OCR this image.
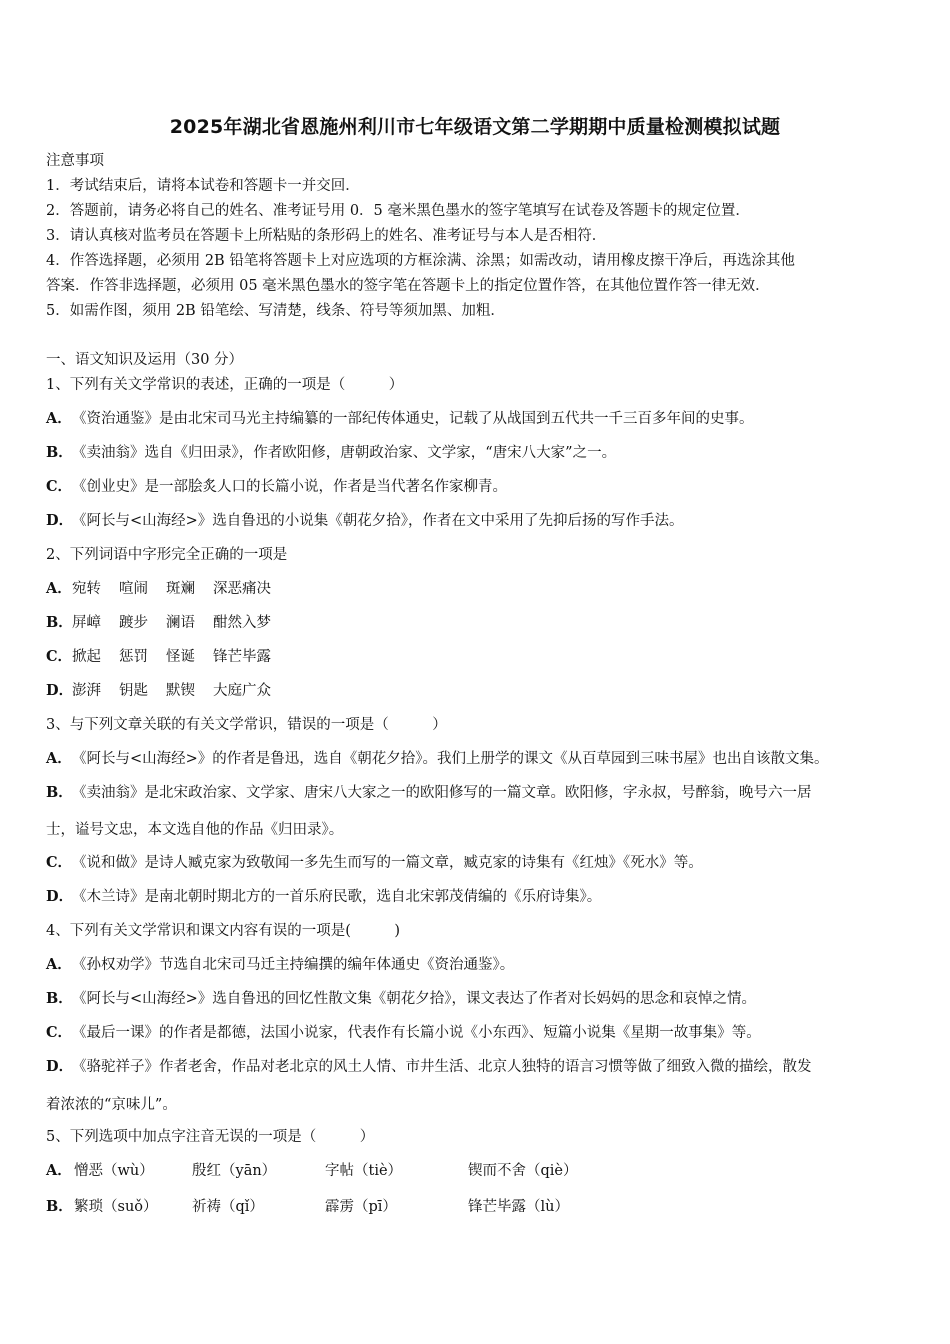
2025年湖北省恩施州利川市七年级语文第二学期期中质量检测模拟试题
注意事项
1．考试结束后，请将本试卷和答题卡一并交回．
2．答题前，请务必将自己的姓名、准考证号用 0．5 毫米黑色墨水的签字笔填写在试卷及答题卡的规定位置．
3．请认真核对监考员在答题卡上所粘贴的条形码上的姓名、准考证号与本人是否相符．
4．作答选择题，必须用 2B 铅笔将答题卡上对应选项的方框涂满、涂黑；如需改动，请用橡皮擦干净后，再选涂其他
答案．作答非选择题，必须用 05 毫米黑色墨水的签字笔在答题卡上的指定位置作答，在其他位置作答一律无效．
5．如需作图，须用 2B 铅笔绘、写清楚，线条、符号等须加黑、加粗．
一、语文知识及运用（30 分）
1、下列有关文学常识的表述，正确的一项是（　　　）
A．《资治通鉴》是由北宋司马光主持编纂的一部纪传体通史，记载了从战国到五代共一千三百多年间的史事。
B．《卖油翁》选自《归田录》，作者欧阳修，唐朝政治家、文学家，“唐宋八大家”之一。
C．《创业史》是一部脍炙人口的长篇小说，作者是当代著名作家柳青。
D．《阿长与<山海经>》选自鲁迅的小说集《朝花夕拾》，作者在文中采用了先抑后扬的写作手法。
2、下列词语中字形完全正确的一项是
A．宛转 喧闹 斑斓 深恶痛决
B．屏嶂 踱步 澜语 酣然入梦
C．掀起 惩罚 怪诞 锋芒毕露
D．澎湃 钥匙 默锲 大庭广众
3、与下列文章关联的有关文学常识，错误的一项是（　　　）
A．《阿长与<山海经>》的作者是鲁迅，选自《朝花夕拾》。我们上册学的课文《从百草园到三味书屋》也出自该散文集。
B．《卖油翁》是北宋政治家、文学家、唐宋八大家之一的欧阳修写的一篇文章。欧阳修，字永叔，号醉翁，晚号六一居
士，谥号文忠，本文选自他的作品《归田录》。
C．《说和做》是诗人臧克家为致敬闻一多先生而写的一篇文章，臧克家的诗集有《红烛》《死水》等。
D．《木兰诗》是南北朝时期北方的一首乐府民歌，选自北宋郭茂倩编的《乐府诗集》。
4、下列有关文学常识和课文内容有误的一项是(　　　)
A．《孙权劝学》节选自北宋司马迁主持编撰的编年体通史《资治通鉴》。
B．《阿长与<山海经>》选自鲁迅的回忆性散文集《朝花夕拾》，课文表达了作者对长妈妈的思念和哀悼之情。
C．《最后一课》的作者是都德，法国小说家，代表作有长篇小说《小东西》、短篇小说集《星期一故事集》等。
D．《骆驼祥子》作者老舍，作品对老北京的风土人情、市井生活、北京人独特的语言习惯等做了细致入微的描绘，散发
着浓浓的“京味儿”。
5、下列选项中加点字注音无误的一项是（　　　）
A． 憎恶（wù）	殷红（yān）	字帖（tiè）	锲而不舍（qiè）
B． 繁琐（suǒ） 祈祷（qǐ）	霹雳（pī）	锋芒毕露（lù）
